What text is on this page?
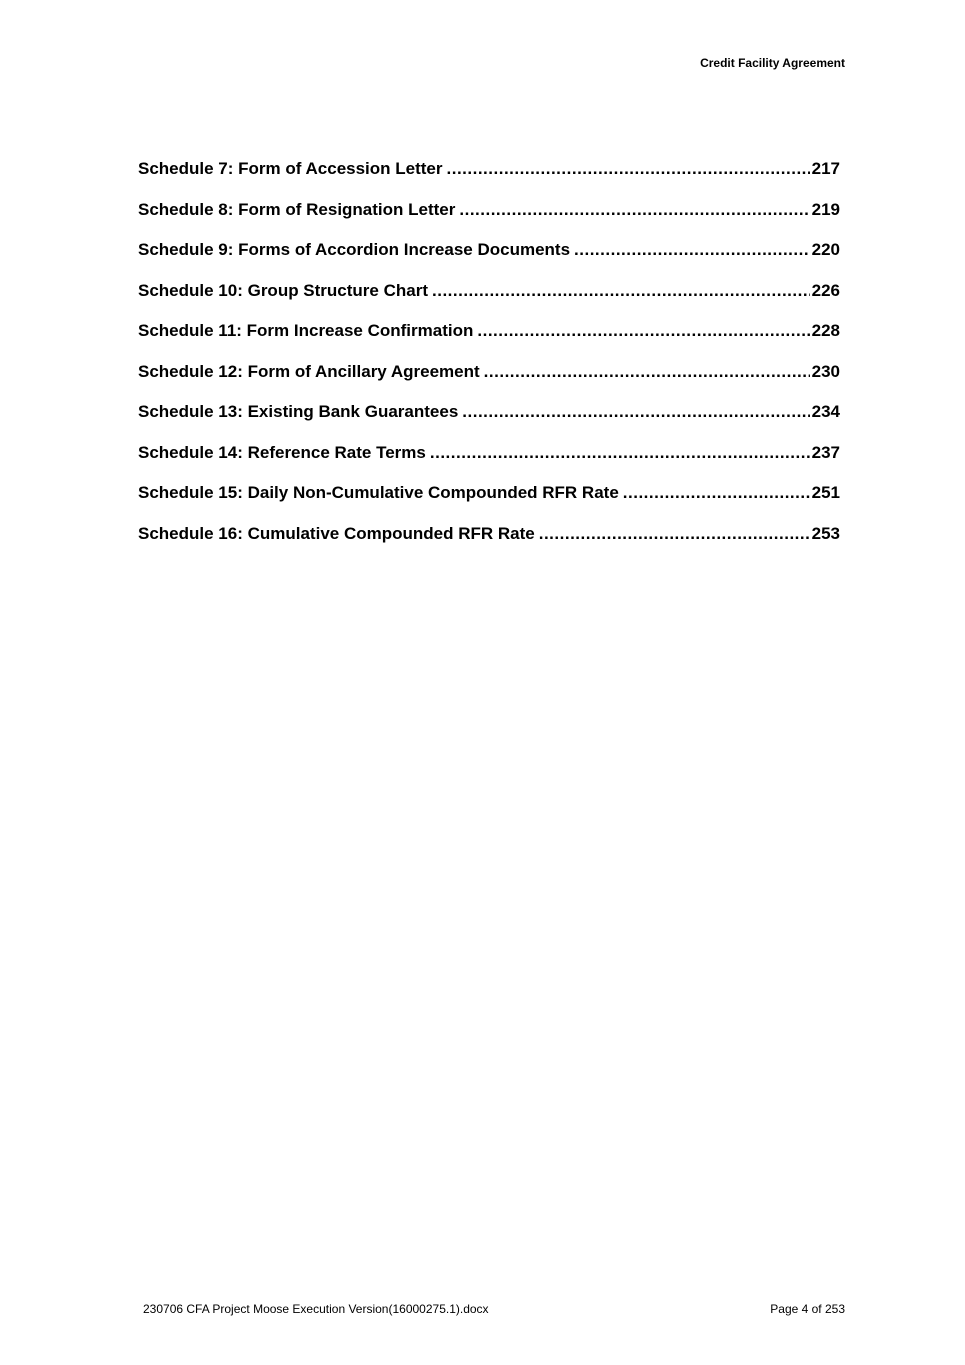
Credit Facility Agreement
Schedule 7: Form of Accession Letter .....	217
Schedule 8: Form of Resignation Letter .....	219
Schedule 9: Forms of Accordion Increase Documents .....	220
Schedule 10: Group Structure Chart .....	226
Schedule 11: Form Increase Confirmation .....	228
Schedule 12: Form of Ancillary Agreement .....	230
Schedule 13: Existing Bank Guarantees .....	234
Schedule 14: Reference Rate Terms .....	237
Schedule 15: Daily Non-Cumulative Compounded RFR Rate .....	251
Schedule 16: Cumulative Compounded RFR Rate .....	253
230706 CFA Project Moose Execution Version(16000275.1).docx	Page 4 of 253
